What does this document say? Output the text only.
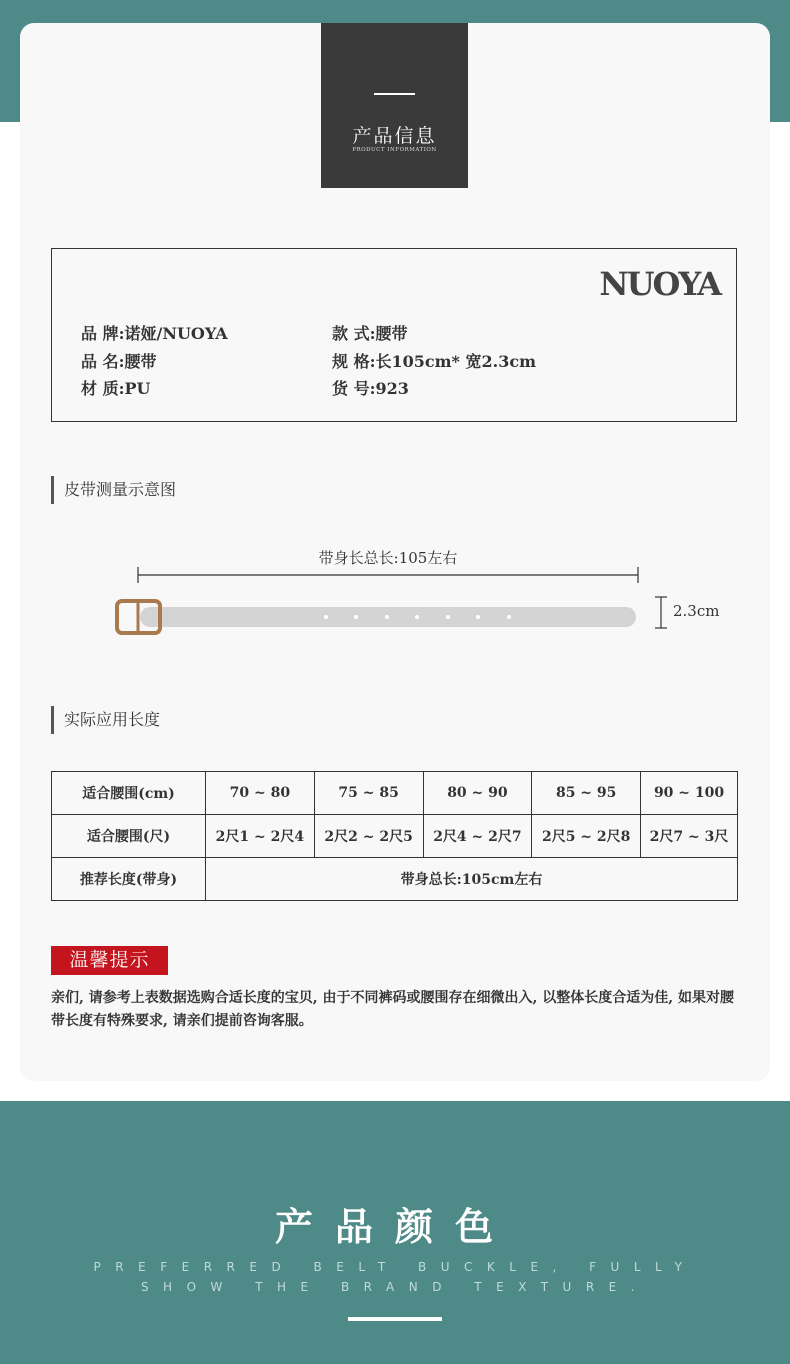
产品信息
PRODUCT INFORMATION
NUOYA
品 牌:诺娅/NUOYA
品 名:腰带
材 质:PU
款 式:腰带
规 格:长105cm* 宽2.3cm
货 号:923
皮带测量示意图
带身长总长:105左右
2.3cm
实际应用长度
适合腰围(cm)	70 ~ 80	75 ~ 85	80 ~ 90	85 ~ 95	90 ~ 100
适合腰围(尺)	2尺1 ~ 2尺4	2尺2 ~ 2尺5	2尺4 ~ 2尺7	2尺5 ~ 2尺8	2尺7 ~ 3尺
推荐长度(带身)	带身总长:105cm左右				
温馨提示
亲们, 请参考上表数据选购合适长度的宝贝, 由于不同裤码或腰围存在细微出入, 以整体长度合适为佳, 如果对腰带长度有特殊要求, 请亲们提前咨询客服。
产品颜色
PREFERRED BELT BUCKLE, FULLY
SHOW THE BRAND TEXTURE.
